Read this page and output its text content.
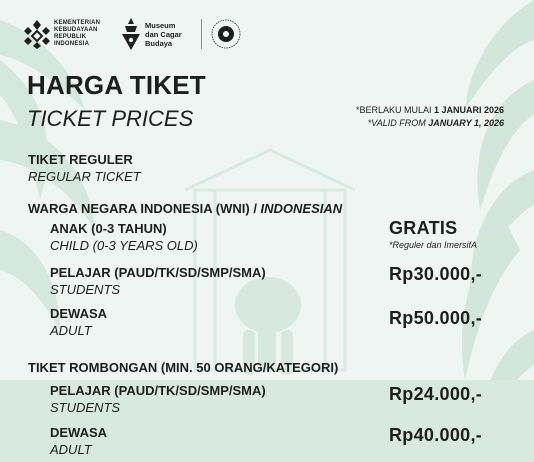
KEMENTERIAN
KEBUDAYAAN
REPUBLIK
INDONESIA
Museum
dan Cagar
Budaya
HARGA TIKET
TICKET PRICES	*BERLAKU MULAI 1 JANUARI 2026
*VALID FROM JANUARY 1, 2026
TIKET REGULER
REGULAR TICKET
WARGA NEGARA INDONESIA (WNI) / INDONESIAN
ANAK (0-3 TAHUN)
CHILD (0-3 YEARS OLD)
GRATIS
*Reguler dan ImersifA
PELAJAR (PAUD/TK/SD/SMP/SMA)
STUDENTS
Rp30.000,-
DEWASA
ADULT
Rp50.000,-
TIKET ROMBONGAN (MIN. 50 ORANG/KATEGORI)
PELAJAR (PAUD/TK/SD/SMP/SMA)
STUDENTS
Rp24.000,-
DEWASA
ADULT
Rp40.000,-
